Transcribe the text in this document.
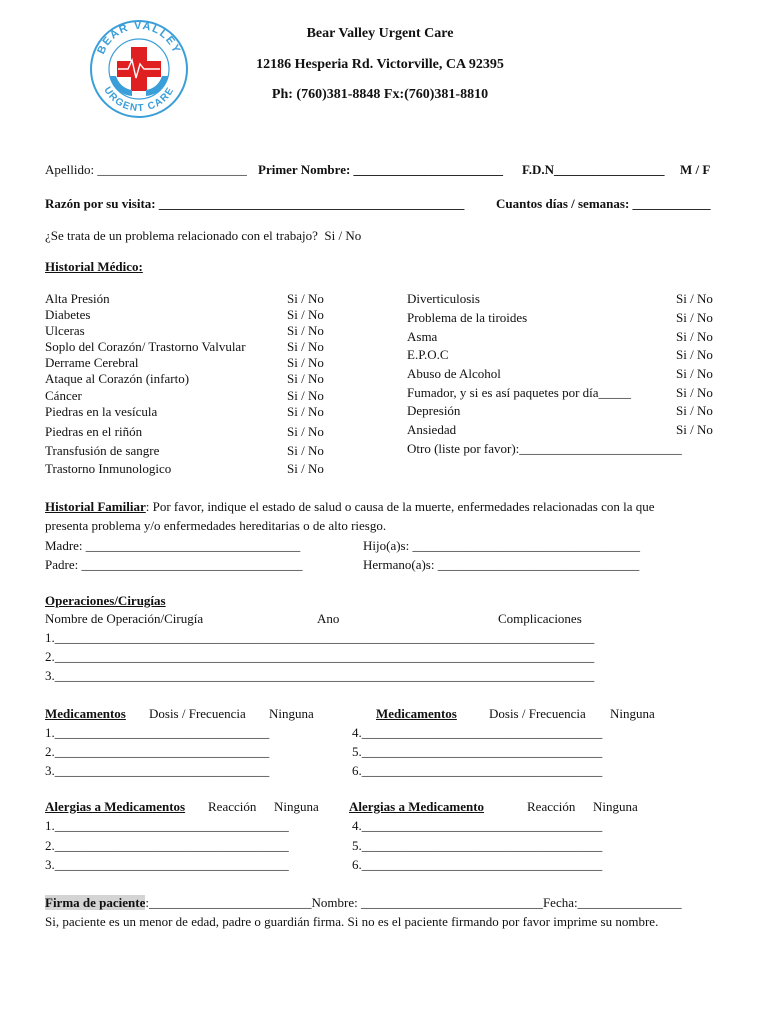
BEAR VALLEY
URGENT CARE
Bear Valley Urgent Care
12186 Hesperia Rd. Victorville, CA 92395
Ph: (760)381-8848 Fx:(760)381-8810
Apellido: _______________________ Primer Nombre: _______________________ F.D.N_________________ M / F
Razón por su visita: _______________________________________________ Cuantos días / semanas: ____________
¿Se trata de un problema relacionado con el trabajo?  Si / No
Historial Médico:
Alta Presión	Si / No
Diabetes	Si / No
Ulceras	Si / No
Soplo del Corazón/ Trastorno Valvular	Si / No
Derrame Cerebral	Si / No
Ataque al Corazón (infarto)	Si / No
Cáncer	Si / No
Piedras en la vesícula	Si / No
Piedras en el riñón	Si / No
Transfusión de sangre	Si / No
Trastorno Inmunologico	Si / No
Diverticulosis	Si / No
Problema de la tiroides	Si / No
Asma	Si / No
E.P.O.C	Si / No
Abuso de Alcohol	Si / No
Fumador, y si es así paquetes por día_____	Si / No
Depresión	Si / No
Ansiedad	Si / No
Otro (liste por favor):_________________________
Historial Familiar: Por favor, indique el estado de salud o causa de la muerte, enfermedades relacionadas con la que
presenta problema y/o enfermedades hereditarias o de alto riesgo.
Madre: _________________________________	Hijo(a)s: ___________________________________
Padre: __________________________________	Hermano(a)s: _______________________________
Operaciones/Cirugías
Nombre de Operación/Cirugía	Ano	Complicaciones
1.___________________________________________________________________________________
2.___________________________________________________________________________________
3.___________________________________________________________________________________
Medicamentos Dosis / Frecuencia Ninguna	Medicamentos Dosis / Frecuencia Ninguna
1._________________________________
2._________________________________
3._________________________________
4._____________________________________
5._____________________________________
6._____________________________________
Alergias a Medicamentos Reacción Ninguna Alergias a Medicamento	Reacción Ninguna
1.____________________________________
2.____________________________________
3.____________________________________
4._____________________________________
5._____________________________________
6._____________________________________
Firma de paciente:_________________________Nombre: ____________________________Fecha:________________
Si, paciente es un menor de edad, padre o guardián firma. Si no es el paciente firmando por favor imprime su nombre.
